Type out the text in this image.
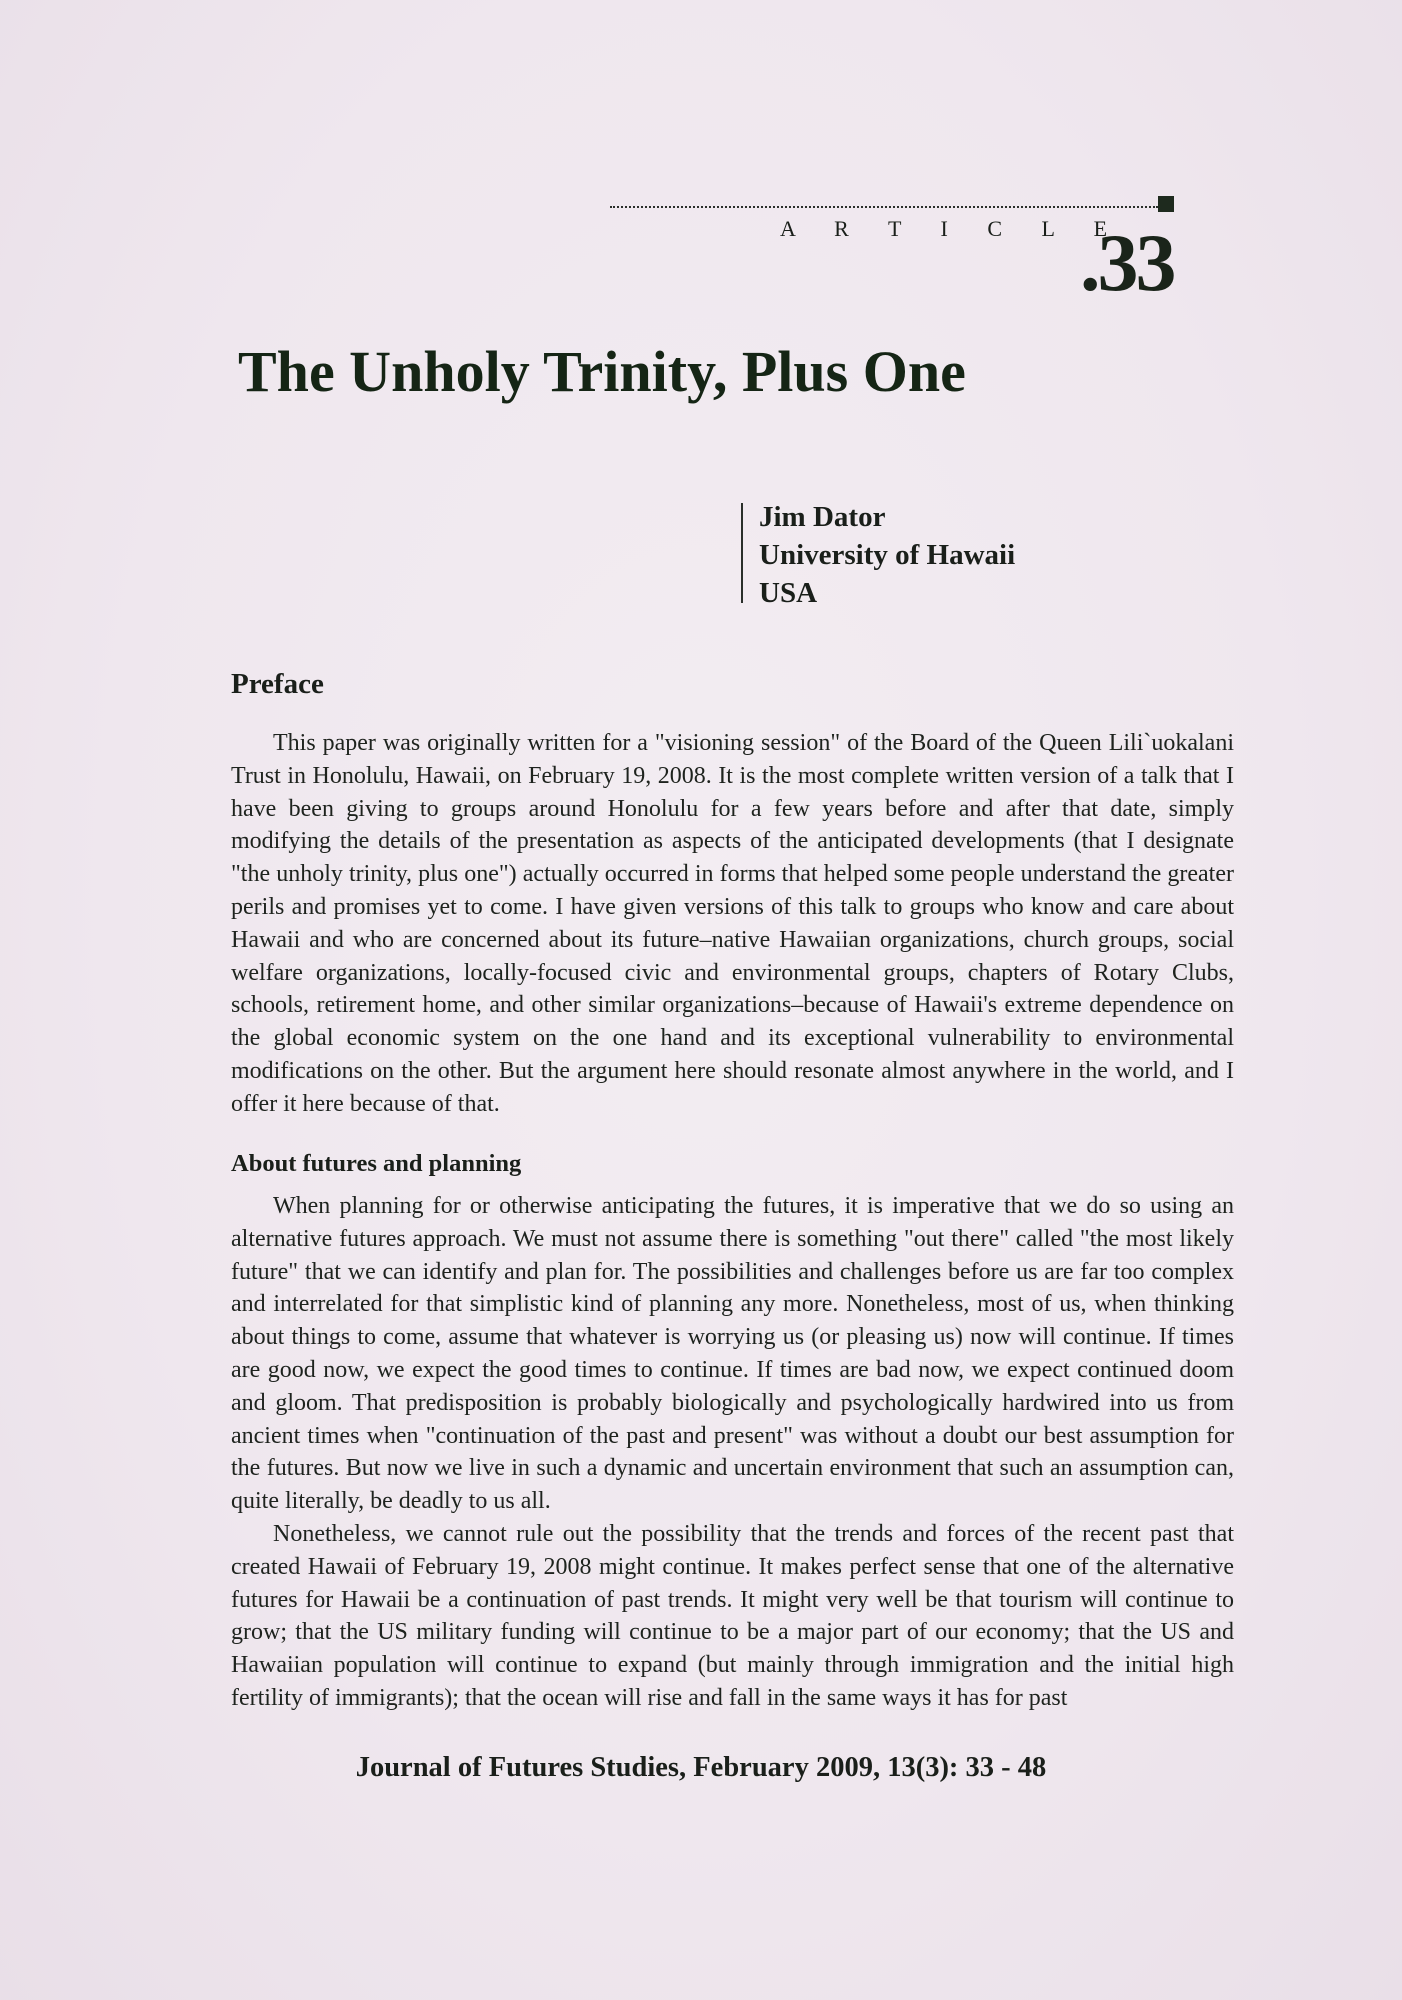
A R T I C L E
.33
The Unholy Trinity, Plus One
Jim Dator
University of Hawaii
USA
Preface

This paper was originally written for a "visioning session" of the Board of the Queen Lili`uokalani Trust in Honolulu, Hawaii, on February 19, 2008. It is the most complete written version of a talk that I have been giving to groups around Honolulu for a few years before and after that date, simply modifying the details of the presentation as aspects of the anticipated developments (that I designate "the unholy trinity, plus one") actually occurred in forms that helped some people understand the greater perils and promises yet to come. I have given versions of this talk to groups who know and care about Hawaii and who are concerned about its future–native Hawaiian organizations, church groups, social welfare organizations, locally-focused civic and environmental groups, chapters of Rotary Clubs, schools, retirement home, and other similar organizations–because of Hawaii's extreme dependence on the global economic system on the one hand and its exceptional vulnerability to environmental modifications on the other. But the argument here should resonate almost anywhere in the world, and I offer it here because of that.

About futures and planning

When planning for or otherwise anticipating the futures, it is imperative that we do so using an alternative futures approach. We must not assume there is something "out there" called "the most likely future" that we can identify and plan for. The possibilities and challenges before us are far too complex and interrelated for that simplistic kind of planning any more. Nonetheless, most of us, when thinking about things to come, assume that whatever is worrying us (or pleasing us) now will continue. If times are good now, we expect the good times to continue. If times are bad now, we expect continued doom and gloom. That predisposition is probably biologically and psychologically hardwired into us from ancient times when "continuation of the past and present" was without a doubt our best assumption for the futures. But now we live in such a dynamic and uncertain environment that such an assumption can, quite literally, be deadly to us all.

Nonetheless, we cannot rule out the possibility that the trends and forces of the recent past that created Hawaii of February 19, 2008 might continue. It makes perfect sense that one of the alternative futures for Hawaii be a continuation of past trends. It might very well be that tourism will continue to grow; that the US military funding will continue to be a major part of our economy; that the US and Hawaiian population will continue to expand (but mainly through immigration and the initial high fertility of immigrants); that the ocean will rise and fall in the same ways it has for past

Journal of Futures Studies, February 2009, 13(3): 33 - 48
